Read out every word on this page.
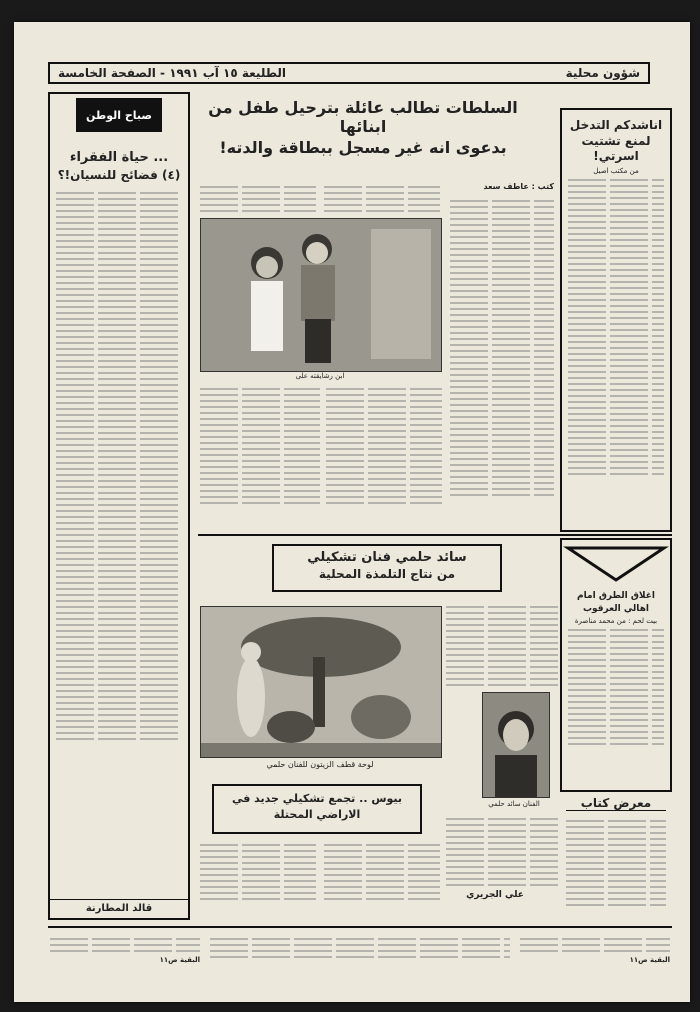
شؤون محلية
الطليعة ١٥ آب ١٩٩١ - الصفحة الخامسة
صباح الوطن
... حياة الفقراء
(٤) فضائح للنسيان!؟
قالد المطارنة
السلطات تطالب عائلة بترحيل طفل من ابنائها
بدعوى انه غير مسجل ببطاقة والدته!
كتب : عاطف سعد
ابن رشايقته على
اناشدكم التدخل لمنع تشتيت اسرتي!
من مكتب اصيل
سائد حلمي فنان تشكيلي
من نتاج التلمذة المحلية
لوحة قطف الزيتون للفنان حلمي
الفنان سائد حلمي
علي الجريري
اغلاق الطرق امام اهالي العرقوب
بيت لحم : من محمد مناصرة
معرض كتاب
بيوس .. تجمع تشكيلي جديد في
الاراضي المحتلة
البقية ص١١	البقية ص١١
